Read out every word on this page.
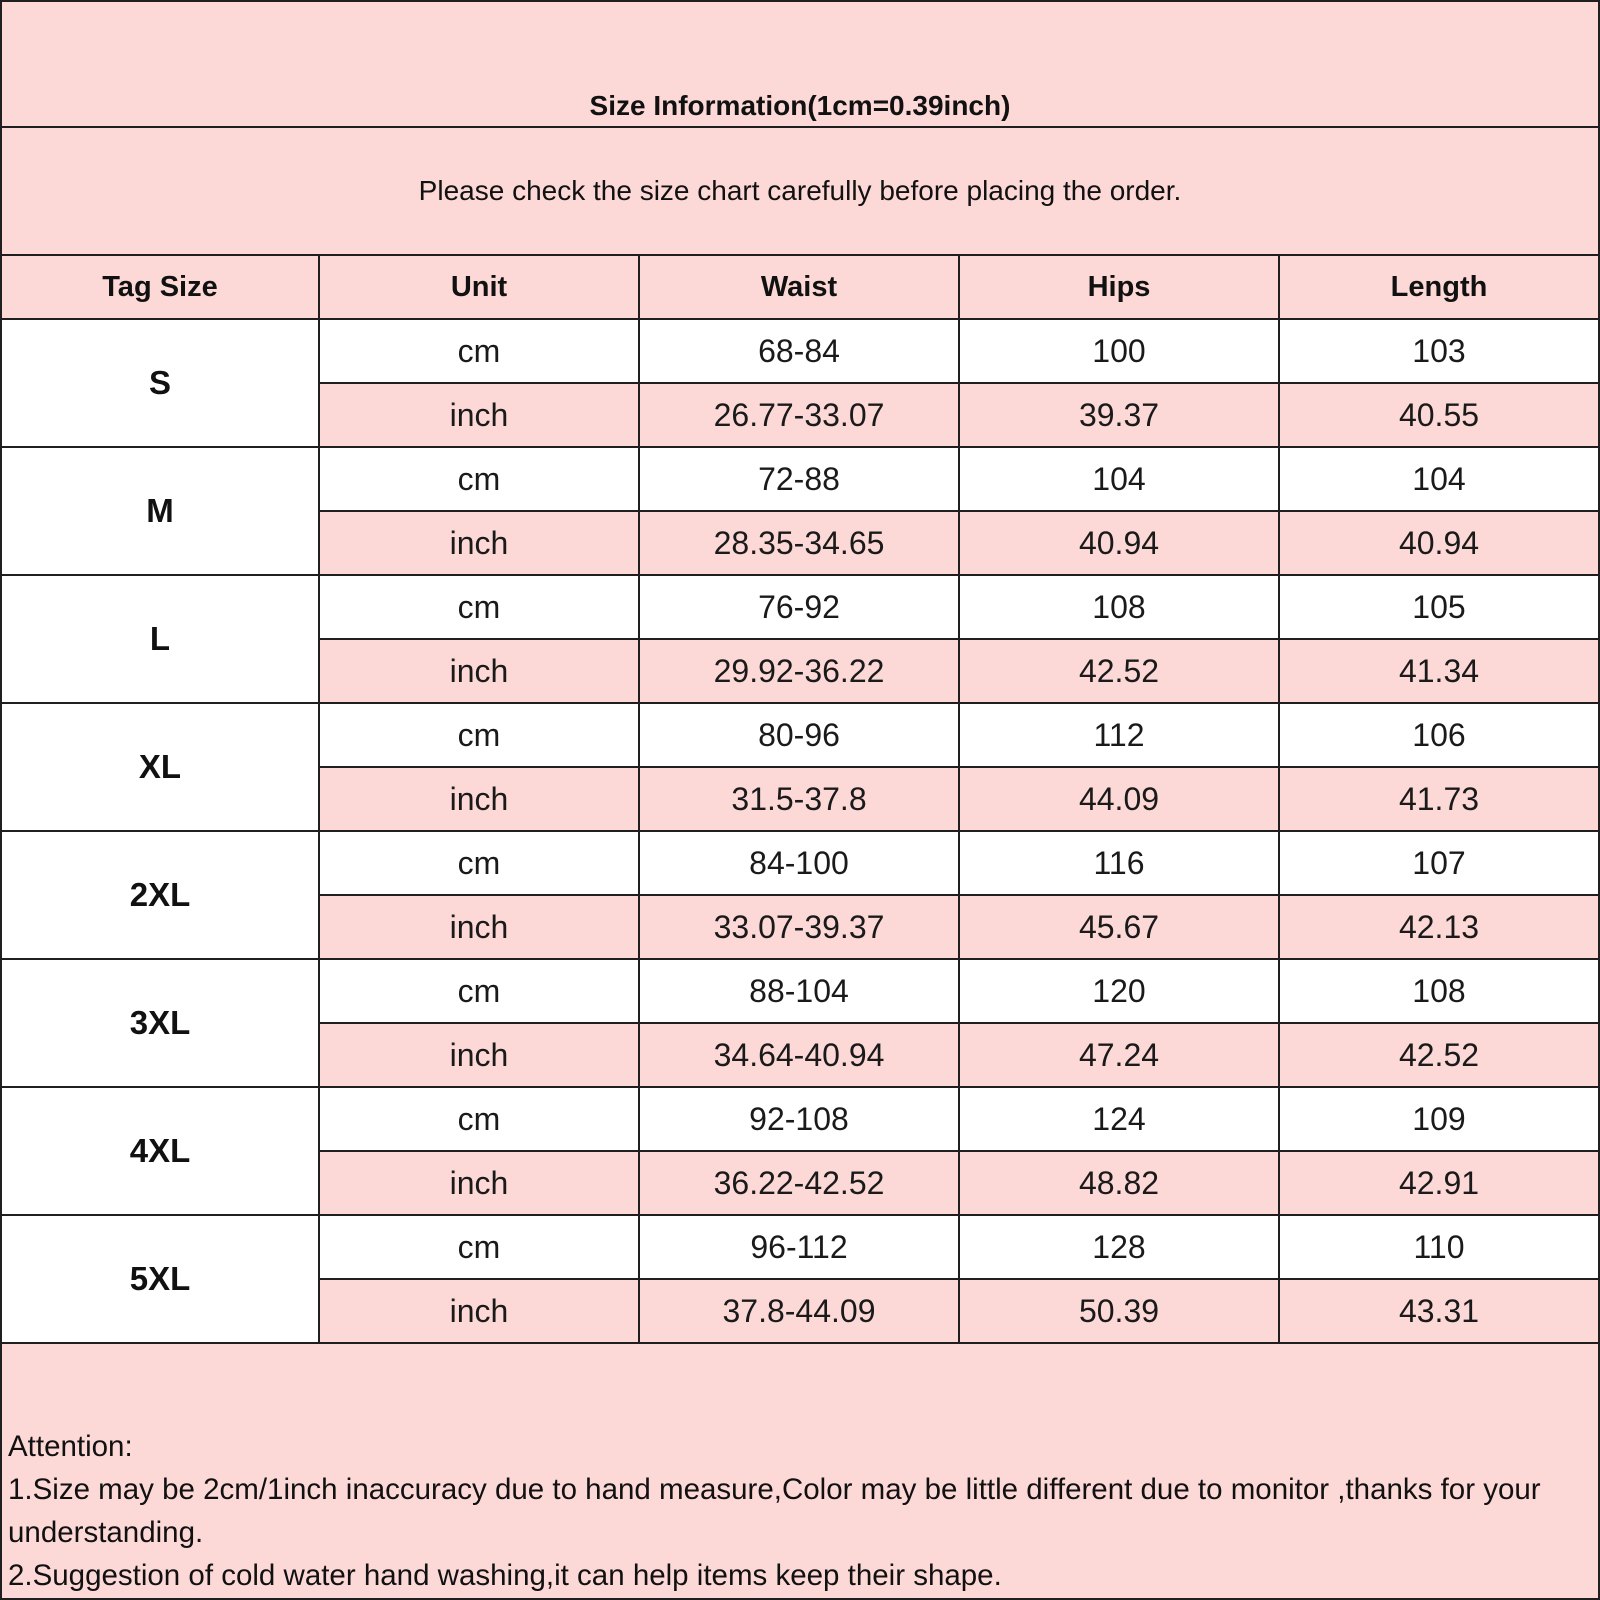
Size Information(1cm=0.39inch)
Please check the size chart carefully before placing the order.
Tag Size	Unit	Waist	Hips	Length
S
cm	68-84	100	103
inch	26.77-33.07	39.37	40.55
M
cm	72-88	104	104
inch	28.35-34.65	40.94	40.94
L
cm	76-92	108	105
inch	29.92-36.22	42.52	41.34
XL
cm	80-96	112	106
inch	31.5-37.8	44.09	41.73
2XL
cm	84-100	116	107
inch	33.07-39.37	45.67	42.13
3XL
cm	88-104	120	108
inch	34.64-40.94	47.24	42.52
4XL
cm	92-108	124	109
inch	36.22-42.52	48.82	42.91
5XL
cm	96-112	128	110
inch	37.8-44.09	50.39	43.31
Attention:

1.Size may be 2cm/1inch inaccuracy due to hand measure,Color may be little different due to monitor ,thanks for your understanding.

2.Suggestion of cold water hand washing,it can help items keep their shape.
